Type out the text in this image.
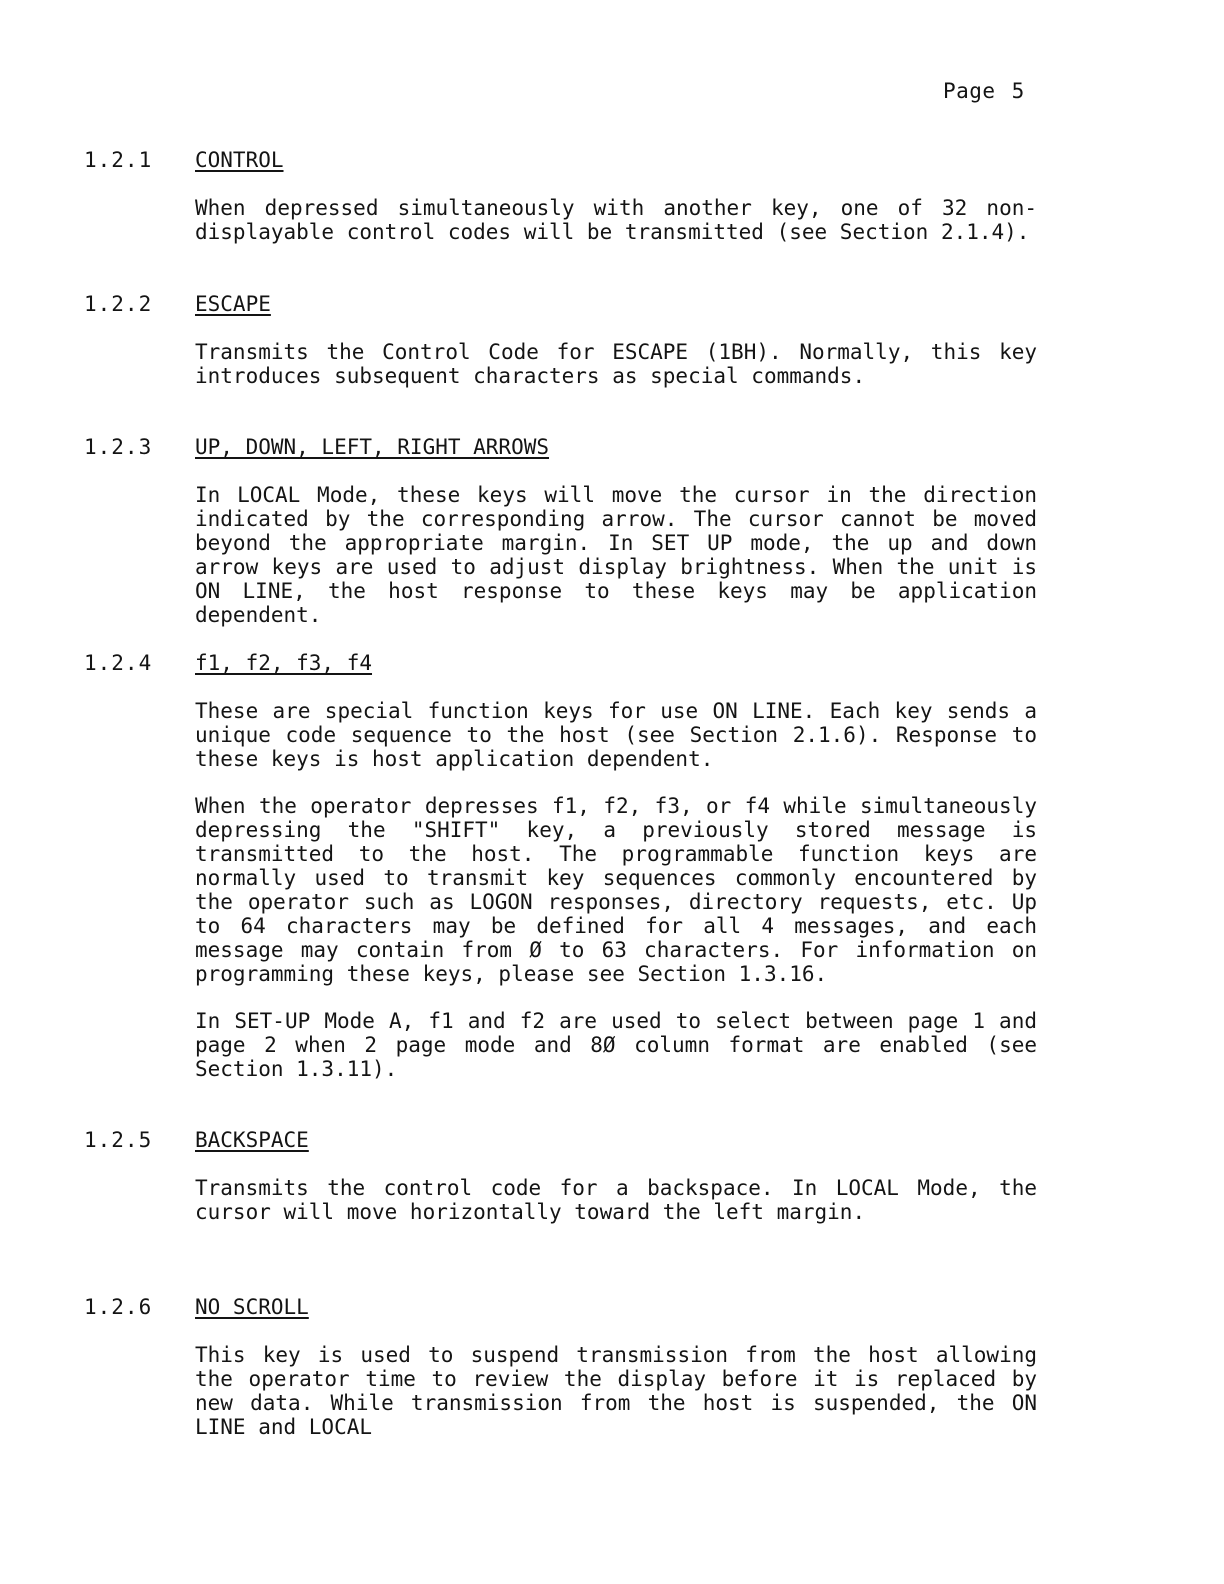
Page 5
1.2.1 CONTROL

When depressed simultaneously with another key, one of 32 non-displayable control codes will be transmitted (see Section 2.1.4).

1.2.2 ESCAPE

Transmits the Control Code for ESCAPE (1BH). Normally, this key introduces subsequent characters as special commands.

1.2.3 UP, DOWN, LEFT, RIGHT ARROWS

In LOCAL Mode, these keys will move the cursor in the direction indicated by the corresponding arrow. The cursor cannot be moved beyond the appropriate margin. In SET UP mode, the up and down arrow keys are used to adjust display brightness. When the unit is ON LINE, the host response to these keys may be application dependent.

1.2.4 f1, f2, f3, f4

These are special function keys for use ON LINE. Each key sends a unique code sequence to the host (see Section 2.1.6). Response to these keys is host application dependent.

When the operator depresses f1, f2, f3, or f4 while simultaneously depressing the "SHIFT" key, a previously stored message is transmitted to the host. The programmable function keys are normally used to transmit key sequences commonly encountered by the operator such as LOGON responses, directory requests, etc. Up to 64 characters may be defined for all 4 messages, and each message may contain from Ø to 63 characters. For information on programming these keys, please see Section 1.3.16.

In SET-UP Mode A, f1 and f2 are used to select between page 1 and page 2 when 2 page mode and 8Ø column format are enabled (see Section 1.3.11).

1.2.5 BACKSPACE

Transmits the control code for a backspace. In LOCAL Mode, the cursor will move horizontally toward the left margin.

1.2.6 NO SCROLL

This key is used to suspend transmission from the host allowing the operator time to review the display before it is replaced by new data. While transmission from the host is suspended, the ON LINE and LOCAL
